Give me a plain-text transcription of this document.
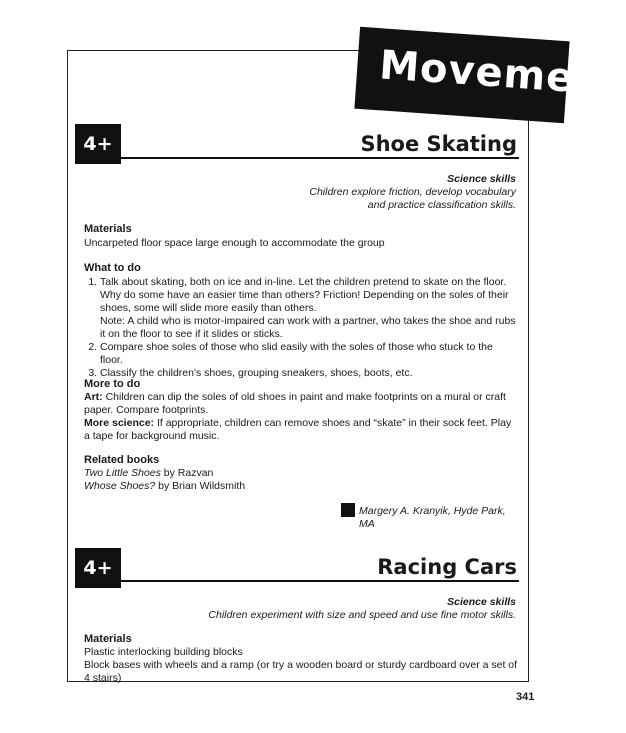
Movement
4+	Shoe Skating
Science skills
Children explore friction, develop vocabulary
and practice classification skills.
Materials
Uncarpeted floor space large enough to accommodate the group
What to do
1. Talk about skating, both on ice and in-line. Let the children pretend to skate on the floor. Why do some have an easier time than others? Friction! Depending on the soles of their shoes, some will slide more easily than others.
Note: A child who is motor-impaired can work with a partner, who takes the shoe and rubs it on the floor to see if it slides or sticks.
2. Compare shoe soles of those who slid easily with the soles of those who stuck to the floor.
3. Classify the children's shoes, grouping sneakers, shoes, boots, etc.
More to do
Art: Children can dip the soles of old shoes in paint and make footprints on a mural or craft paper. Compare footprints.
More science: If appropriate, children can remove shoes and “skate” in their sock feet. Play a tape for background music.
Related books
Two Little Shoes by Razvan
Whose Shoes? by Brian Wildsmith
Margery A. Kranyik, Hyde Park, MA
4+	Racing Cars
Science skills
Children experiment with size and speed and use fine motor skills.
Materials
Plastic interlocking building blocks
Block bases with wheels and a ramp (or try a wooden board or sturdy cardboard over a set of 4 stairs)
341
